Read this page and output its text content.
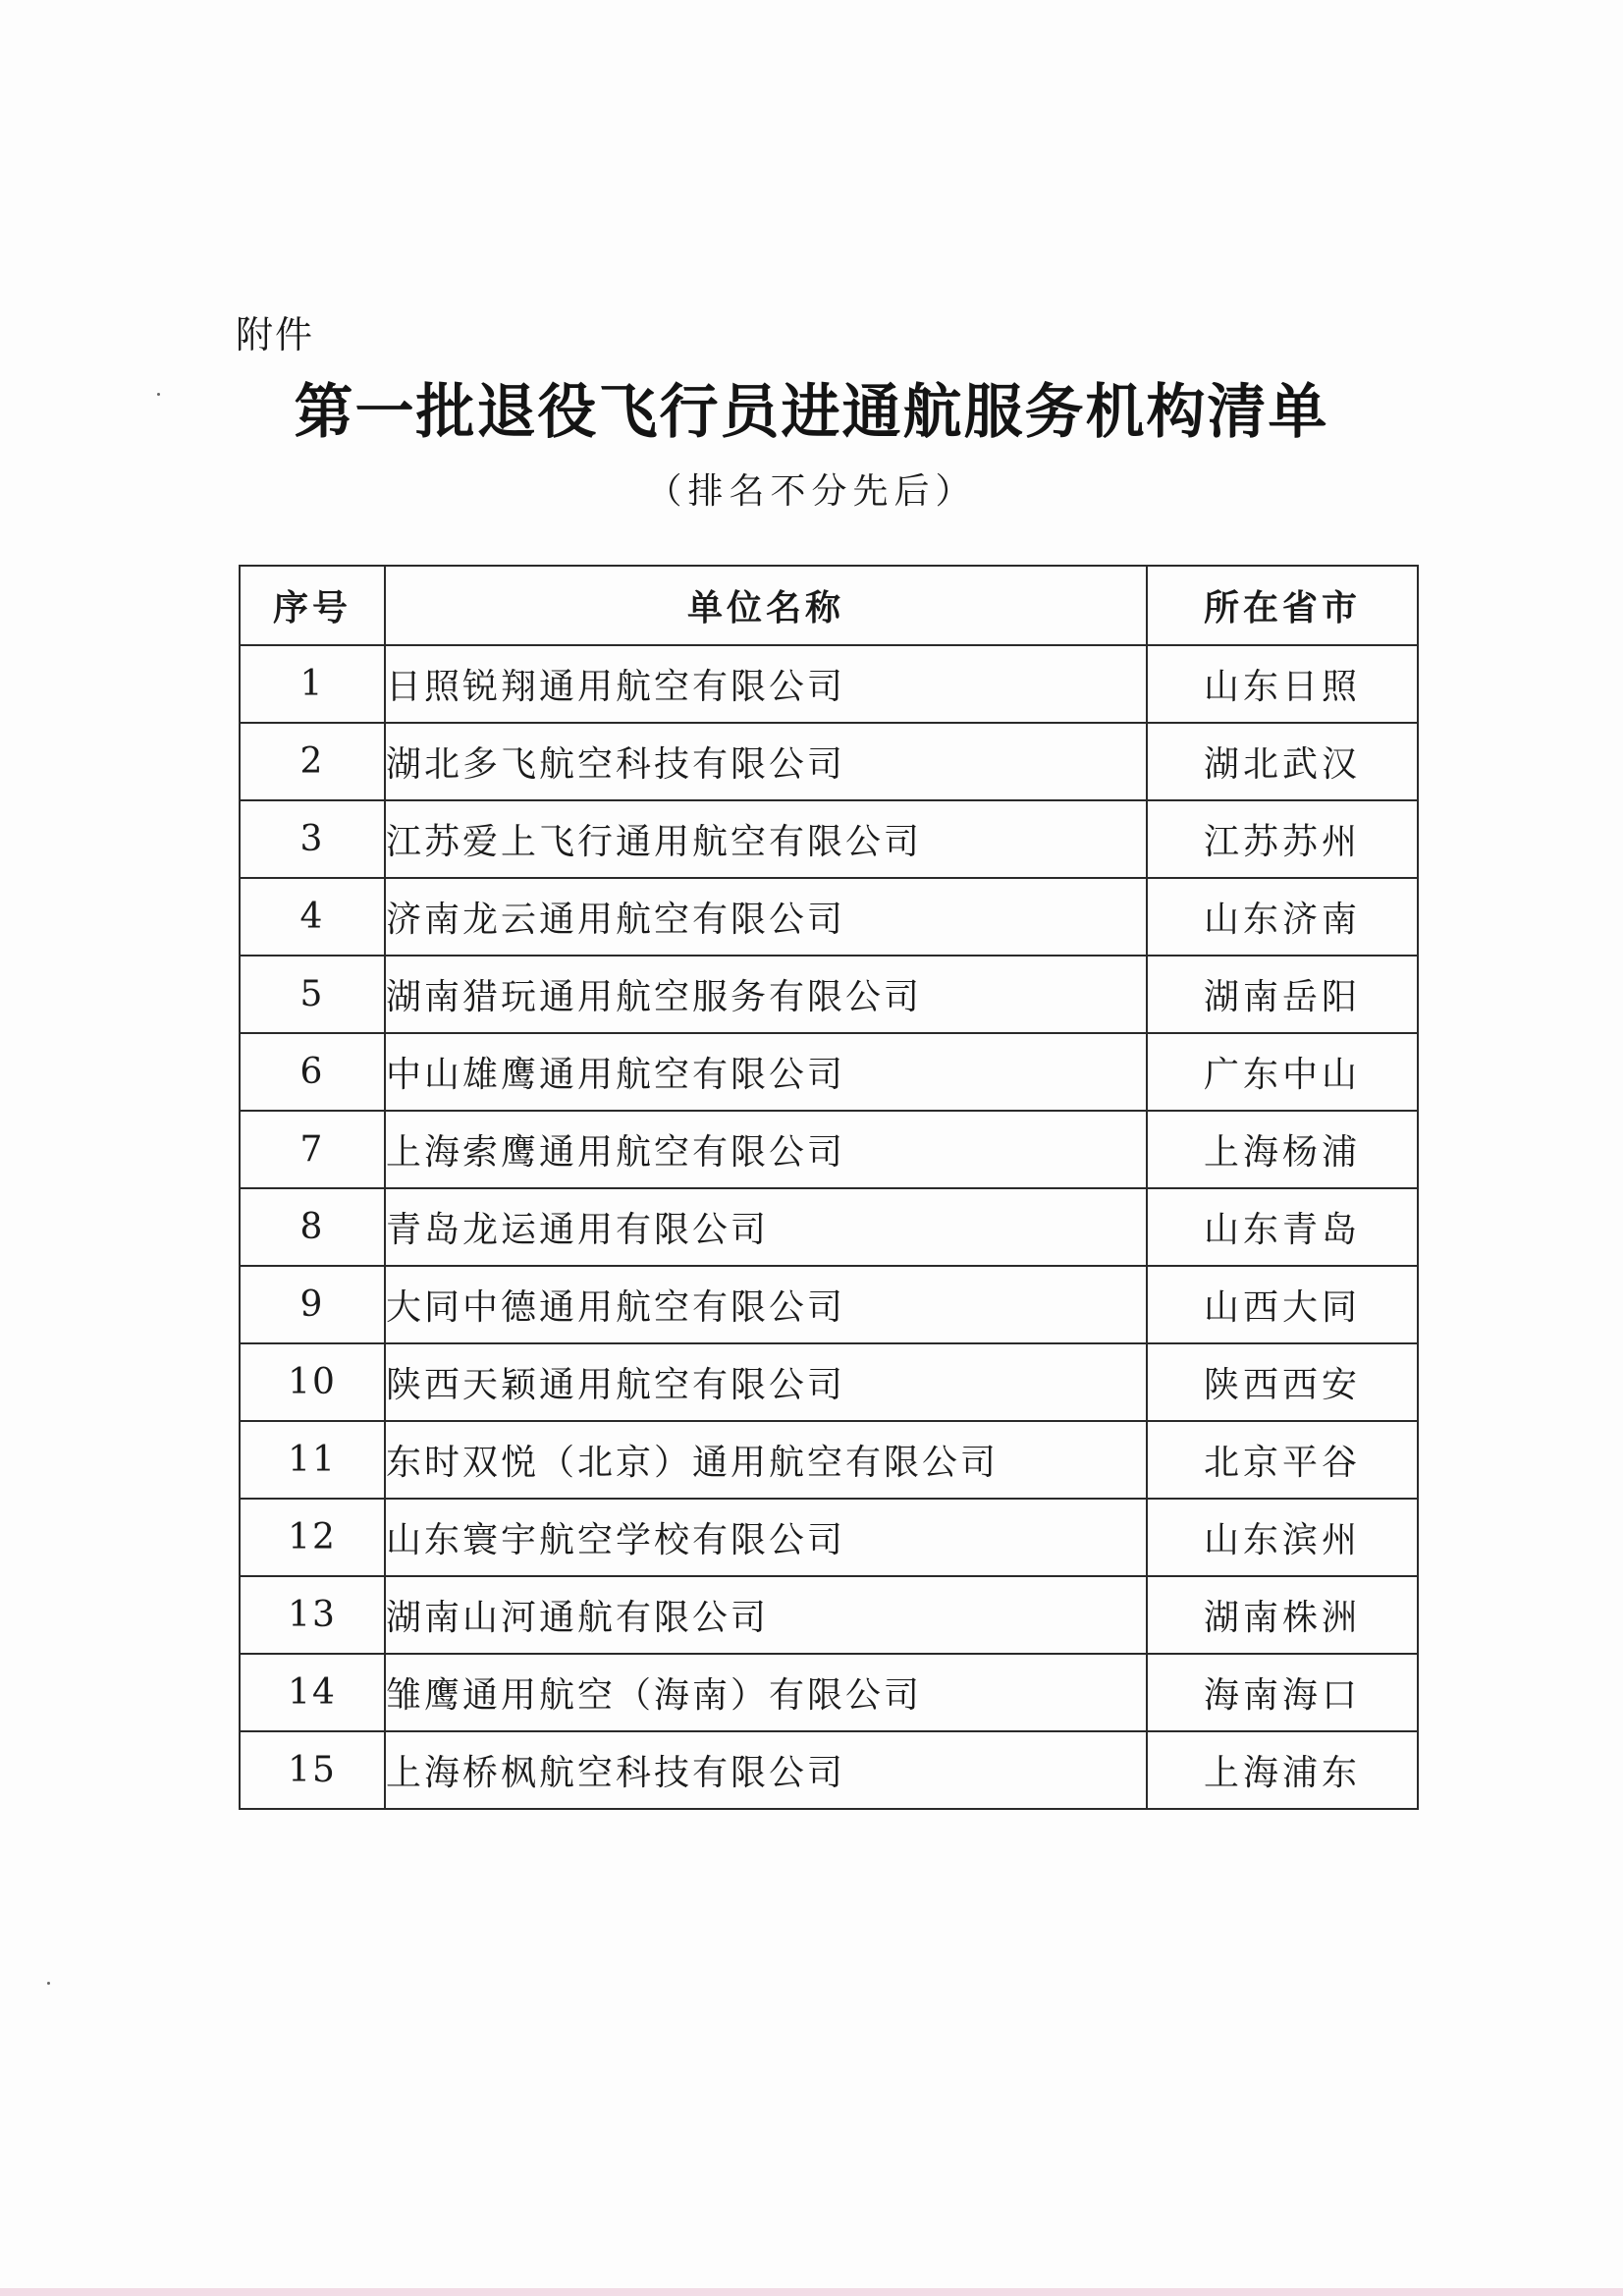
附件
第一批退役飞行员进通航服务机构清单
（排名不分先后）
序号	单位名称	所在省市
1	日照锐翔通用航空有限公司	山东日照
2	湖北多飞航空科技有限公司	湖北武汉
3	江苏爱上飞行通用航空有限公司	江苏苏州
4	济南龙云通用航空有限公司	山东济南
5	湖南猎玩通用航空服务有限公司	湖南岳阳
6	中山雄鹰通用航空有限公司	广东中山
7	上海索鹰通用航空有限公司	上海杨浦
8	青岛龙运通用有限公司	山东青岛
9	大同中德通用航空有限公司	山西大同
10	陕西天颖通用航空有限公司	陕西西安
11	东时双悦（北京）通用航空有限公司	北京平谷
12	山东寰宇航空学校有限公司	山东滨州
13	湖南山河通航有限公司	湖南株洲
14	雏鹰通用航空（海南）有限公司	海南海口
15	上海桥枫航空科技有限公司	上海浦东
